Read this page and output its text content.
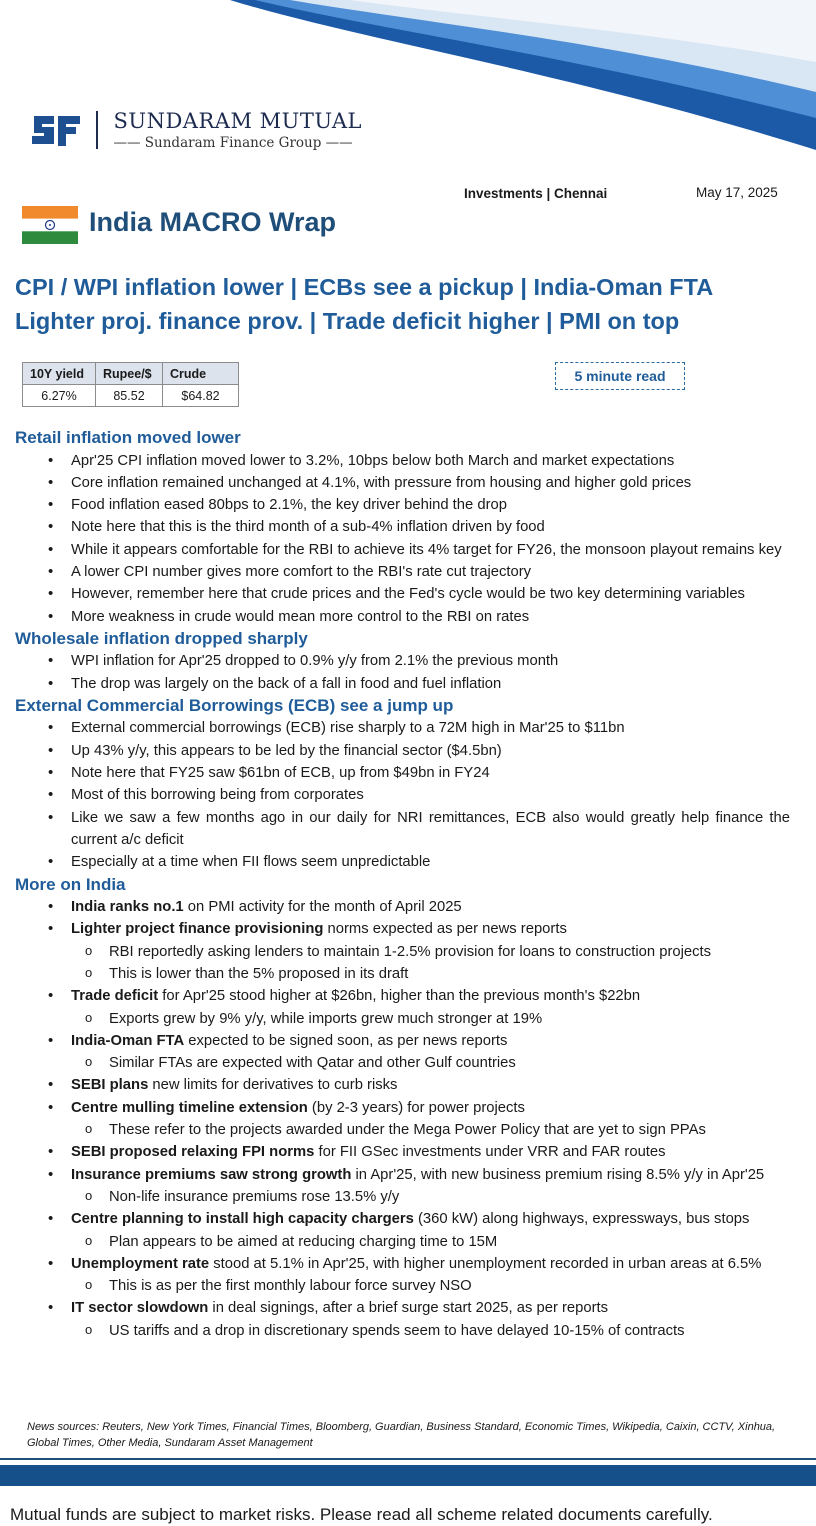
SUNDARAM MUTUAL
—— Sundaram Finance Group ——
Investments | Chennai	May 17, 2025
India MACRO Wrap
CPI / WPI inflation lower | ECBs see a pickup | India-Oman FTA
Lighter proj. finance prov. | Trade deficit higher | PMI on top
10Y yield	Rupee/$	Crude
6.27%	85.52	$64.82
5 minute read
Retail inflation moved lower
• Apr'25 CPI inflation moved lower to 3.2%, 10bps below both March and market expectations
• Core inflation remained unchanged at 4.1%, with pressure from housing and higher gold prices
• Food inflation eased 80bps to 2.1%, the key driver behind the drop
• Note here that this is the third month of a sub-4% inflation driven by food
• While it appears comfortable for the RBI to achieve its 4% target for FY26, the monsoon playout remains key
• A lower CPI number gives more comfort to the RBI's rate cut trajectory
• However, remember here that crude prices and the Fed's cycle would be two key determining variables
• More weakness in crude would mean more control to the RBI on rates
Wholesale inflation dropped sharply
• WPI inflation for Apr'25 dropped to 0.9% y/y from 2.1% the previous month
• The drop was largely on the back of a fall in food and fuel inflation
External Commercial Borrowings (ECB) see a jump up
• External commercial borrowings (ECB) rise sharply to a 72M high in Mar'25 to $11bn
• Up 43% y/y, this appears to be led by the financial sector ($4.5bn)
• Note here that FY25 saw $61bn of ECB, up from $49bn in FY24
• Most of this borrowing being from corporates
• Like we saw a few months ago in our daily for NRI remittances, ECB also would greatly help finance the current a/c deficit
• Especially at a time when FII flows seem unpredictable
More on India
• India ranks no.1 on PMI activity for the month of April 2025
• Lighter project finance provisioning norms expected as per news reports
o RBI reportedly asking lenders to maintain 1-2.5% provision for loans to construction projects
o This is lower than the 5% proposed in its draft
• Trade deficit for Apr'25 stood higher at $26bn, higher than the previous month's $22bn
o Exports grew by 9% y/y, while imports grew much stronger at 19%
• India-Oman FTA expected to be signed soon, as per news reports
o Similar FTAs are expected with Qatar and other Gulf countries
• SEBI plans new limits for derivatives to curb risks
• Centre mulling timeline extension (by 2-3 years) for power projects
o These refer to the projects awarded under the Mega Power Policy that are yet to sign PPAs
• SEBI proposed relaxing FPI norms for FII GSec investments under VRR and FAR routes
• Insurance premiums saw strong growth in Apr'25, with new business premium rising 8.5% y/y in Apr'25
o Non-life insurance premiums rose 13.5% y/y
• Centre planning to install high capacity chargers (360 kW) along highways, expressways, bus stops
o Plan appears to be aimed at reducing charging time to 15M
• Unemployment rate stood at 5.1% in Apr'25, with higher unemployment recorded in urban areas at 6.5%
o This is as per the first monthly labour force survey NSO
• IT sector slowdown in deal signings, after a brief surge start 2025, as per reports
o US tariffs and a drop in discretionary spends seem to have delayed 10-15% of contracts
News sources: Reuters, New York Times, Financial Times, Bloomberg, Guardian, Business Standard, Economic Times, Wikipedia, Caixin, CCTV, Xinhua, Global Times, Other Media, Sundaram Asset Management
Mutual funds are subject to market risks. Please read all scheme related documents carefully.
